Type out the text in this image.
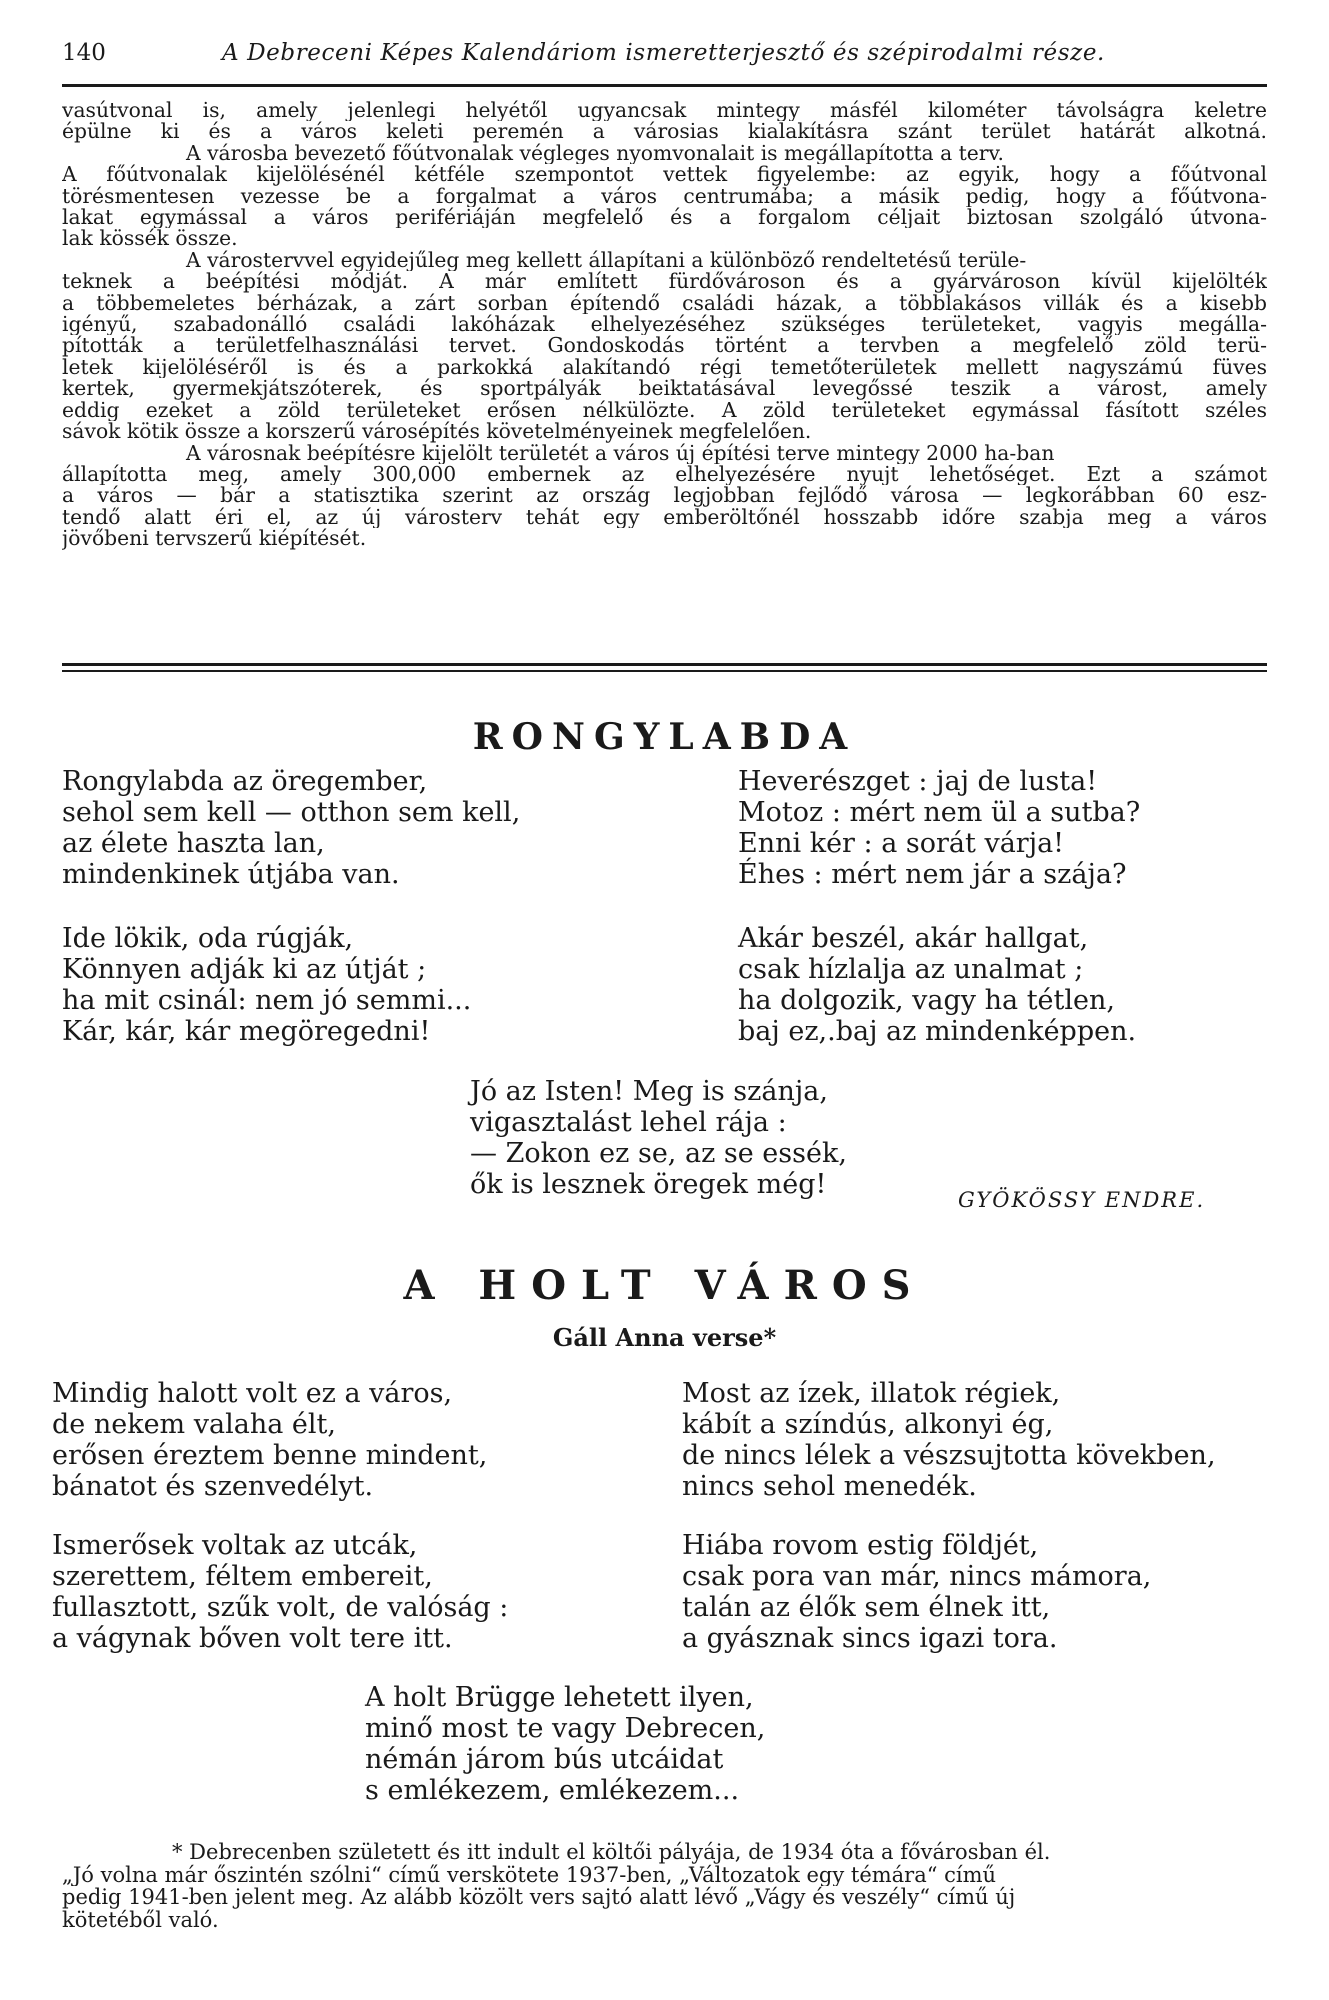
140	A Debreceni Képes Kalendáriom ismeretterjesztő és szépirodalmi része.

vasútvonal is, amely jelenlegi helyétől ugyancsak mintegy másfél kilométer távolságra keletre

épülne ki és a város keleti peremén a városias kialakításra szánt terület határát alkotná.

A városba bevezető főútvonalak végleges nyomvonalait is megállapította a terv.

A főútvonalak kijelölésénél kétféle szempontot vettek figyelembe: az egyik, hogy a főútvonal

törésmentesen vezesse be a forgalmat a város centrumába; a másik pedig, hogy a főútvona-

lakat egymással a város perifériáján megfelelő és a forgalom céljait biztosan szolgáló útvona-

lak kössék össze.

A várostervvel egyidejűleg meg kellett állapítani a különböző rendeltetésű terüle-

teknek a beépítési módját. A már említett fürdővároson és a gyárvároson kívül kijelölték

a többemeletes bérházak, a zárt sorban építendő családi házak, a többlakásos villák és a kisebb

igényű, szabadonálló családi lakóházak elhelyezéséhez szükséges területeket, vagyis megálla-

pították a területfelhasználási tervet. Gondoskodás történt a tervben a megfelelő zöld terü-

letek kijelöléséről is és a parkokká alakítandó régi temetőterületek mellett nagyszámú füves

kertek, gyermekjátszóterek, és sportpályák beiktatásával levegőssé teszik a várost, amely

eddig ezeket a zöld területeket erősen nélkülözte. A zöld területeket egymással fásított széles

sávok kötik össze a korszerű városépítés követelményeinek megfelelően.

A városnak beépítésre kijelölt területét a város új építési terve mintegy 2000 ha-ban

állapította meg, amely 300,000 embernek az elhelyezésére nyujt lehetőséget. Ezt a számot

a város — bár a statisztika szerint az ország legjobban fejlődő városa — legkorábban 60 esz-

tendő alatt éri el, az új városterv tehát egy emberöltőnél hosszabb időre szabja meg a város

jövőbeni tervszerű kiépítését.

RONGYLABDA
Rongylabda az öregember,
sehol sem kell — otthon sem kell,
az élete haszta lan,
mindenkinek útjába van.
Ide lökik, oda rúgják,
Könnyen adják ki az útját ;
ha mit csinál: nem jó semmi...
Kár, kár, kár megöregedni!
Heverészget : jaj de lusta!
Motoz : mért nem ül a sutba?
Enni kér : a sorát várja!
Éhes : mért nem jár a szája?
Akár beszél, akár hallgat,
csak hízlalja az unalmat ;
ha dolgozik, vagy ha tétlen,
baj ez,.baj az mindenképpen.
Jó az Isten! Meg is szánja,
vigasztalást lehel rája :
— Zokon ez se, az se essék,
ők is lesznek öregek még!	GYÖKÖSSY ENDRE.
A HOLT VÁROS
Gáll Anna verse*
Mindig halott volt ez a város,
de nekem valaha élt,
erősen éreztem benne mindent,
bánatot és szenvedélyt.
Ismerősek voltak az utcák,
szerettem, féltem embereit,
fullasztott, szűk volt, de valóság :
a vágynak bőven volt tere itt.
Most az ízek, illatok régiek,
kábít a színdús, alkonyi ég,
de nincs lélek a vészsujtotta kövekben,
nincs sehol menedék.
Hiába rovom estig földjét,
csak pora van már, nincs mámora,
talán az élők sem élnek itt,
a gyásznak sincs igazi tora.
A holt Brügge lehetett ilyen,
minő most te vagy Debrecen,
némán járom bús utcáidat
s emlékezem, emlékezem...

* Debrecenben született és itt indult el költői pályája, de 1934 óta a fővárosban él.

„Jó volna már őszintén szólni“ című verskötete 1937-ben, „Változatok egy témára“ című

pedig 1941-ben jelent meg. Az alább közölt vers sajtó alatt lévő „Vágy és veszély“ című új

kötetéből való.
